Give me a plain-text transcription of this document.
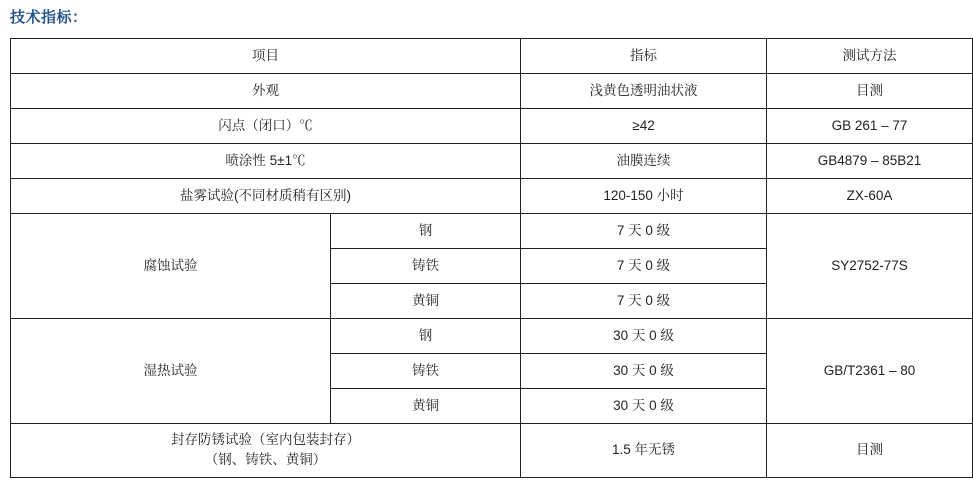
技术指标：
项目		指标	测试方法
外观		浅黄色透明油状液	目测
闪点（闭口）℃		≥42	GB 261 – 77
喷涂性 5±1℃		油膜连续	GB4879 – 85B21
盐雾试验(不同材质稍有区别)		120-150 小时	ZX-60A
腐蚀试验	钢	7 天 0 级	SY2752-77S
	铸铁	7 天 0 级	
	黄铜	7 天 0 级	
湿热试验	钢	30 天 0 级	GB/T2361 – 80
	铸铁	30 天 0 级	
	黄铜	30 天 0 级	

封存防锈试验（室内包装封存）
（钢、铸铁、黄铜）		1.5 年无锈	目测
